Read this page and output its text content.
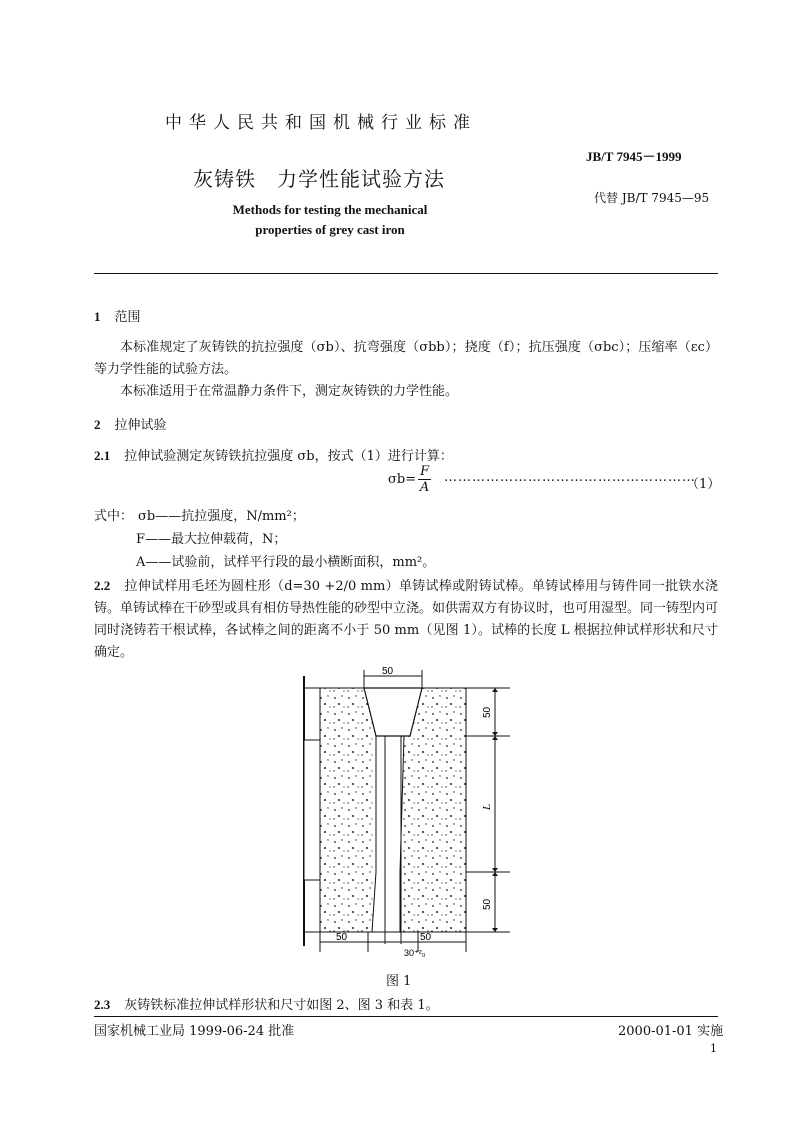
中华人民共和国机械行业标准
JB/T 7945－1999
灰铸铁　力学性能试验方法
代替 JB/T 7945—95
Methods for testing the mechanical
properties of grey cast iron
1 范围
本标准规定了灰铸铁的抗拉强度（σb）、抗弯强度（σbb）；挠度（f）；抗压强度（σbc）；压缩率（εc）等力学性能的试验方法。
本标准适用于在常温静力条件下，测定灰铸铁的力学性能。
2 拉伸试验
2.1 拉伸试验测定灰铸铁抗拉强度 σb，按式（1）进行计算：
$\sigma b= \frac{F}{A}$ ………………………………………………
（1）
式中： σb——抗拉强度，N/mm²；
F——最大拉伸载荷，N；
A——试验前，试样平行段的最小横断面积，mm²。
2.2 拉伸试样用毛坯为圆柱形（d=30 +2/0 mm）单铸试棒或附铸试棒。单铸试棒用与铸件同一批铁水浇铸。单铸试棒在干砂型或具有相仿导热性能的砂型中立浇。如供需双方有协议时，也可用湿型。同一铸型内可同时浇铸若干根试棒，各试棒之间的距离不小于 50 mm（见图 1）。试棒的长度 L 根据拉伸试样形状和尺寸确定。
50
50
L
50
50	50
30⁺²₀
图 1
2.3 灰铸铁标准拉伸试样形状和尺寸如图 2、图 3 和表 1。
国家机械工业局 1999-06-24 批准	2000-01-01 实施
1
